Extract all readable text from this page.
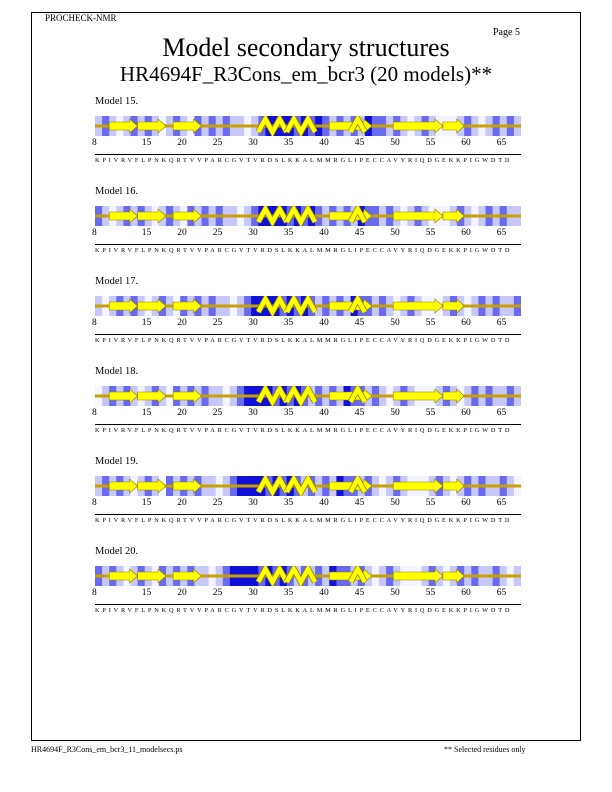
PROCHECK-NMR
Page 5
Model secondary structures
HR4694F_R3Cons_em_bcr3 (20 models)**
Model 15.
8	15	20	25	30	35	40	45	50	55	60	65
KPIVRVFLPNKQRTVVPARCGVTVRDSLKKALMMRGLIPECCAVYRIQDGEKKPIGWDTD
Model 16.
8	15	20	25	30	35	40	45	50	55	60	65
KPIVRVFLPNKQRTVVPARCGVTVRDSLKKALMMRGLIPECCAVYRIQDGEKKPIGWDTD
Model 17.
8	15	20	25	30	35	40	45	50	55	60	65
KPIVRVFLPNKQRTVVPARCGVTVRDSLKKALMMRGLIPECCAVYRIQDGEKKPIGWDTD
Model 18.
8	15	20	25	30	35	40	45	50	55	60	65
KPIVRVFLPNKQRTVVPARCGVTVRDSLKKALMMRGLIPECCAVYRIQDGEKKPIGWDTD
Model 19.
8	15	20	25	30	35	40	45	50	55	60	65
KPIVRVFLPNKQRTVVPARCGVTVRDSLKKALMMRGLIPECCAVYRIQDGEKKPIGWDTD
Model 20.
8	15	20	25	30	35	40	45	50	55	60	65
KPIVRVFLPNKQRTVVPARCGVTVRDSLKKALMMRGLIPECCAVYRIQDGEKKPIGWDTD
HR4694F_R3Cons_em_bcr3_11_modelsecs.ps	** Selected residues only
